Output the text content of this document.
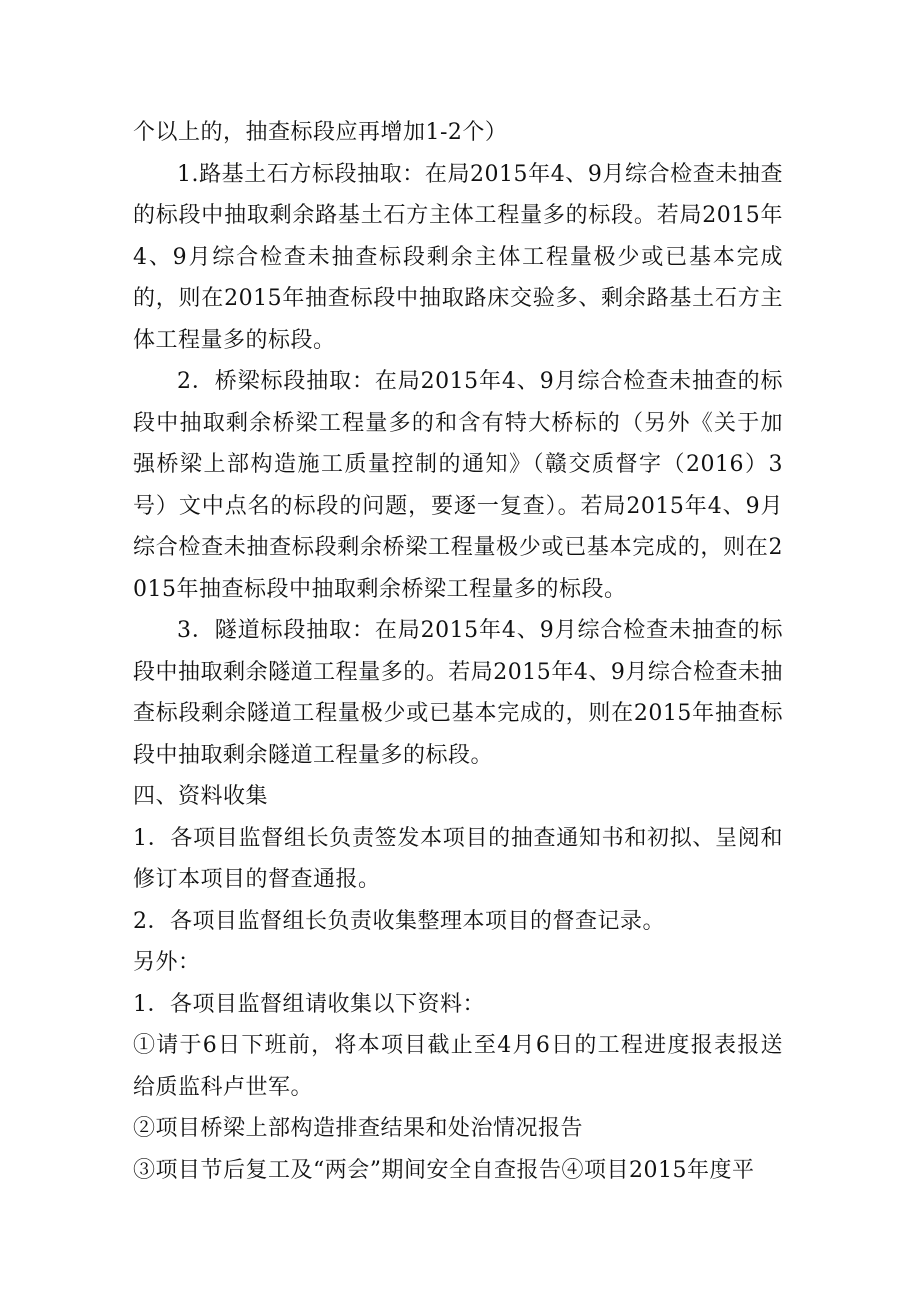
个以上的，抽查标段应再增加1-2个）

1.路基土石方标段抽取：在局2015年4、9月综合检查未抽查的标段中抽取剩余路基土石方主体工程量多的标段。若局2015年4、9月综合检查未抽查标段剩余主体工程量极少或已基本完成的，则在2015年抽查标段中抽取路床交验多、剩余路基土石方主体工程量多的标段。

2．桥梁标段抽取：在局2015年4、9月综合检查未抽查的标段中抽取剩余桥梁工程量多的和含有特大桥标的（另外《关于加强桥梁上部构造施工质量控制的通知》（赣交质督字（2016）3号）文中点名的标段的问题，要逐一复查）。若局2015年4、9月综合检查未抽查标段剩余桥梁工程量极少或已基本完成的，则在2015年抽查标段中抽取剩余桥梁工程量多的标段。

3．隧道标段抽取：在局2015年4、9月综合检查未抽查的标段中抽取剩余隧道工程量多的。若局2015年4、9月综合检查未抽查标段剩余隧道工程量极少或已基本完成的，则在2015年抽查标段中抽取剩余隧道工程量多的标段。

四、资料收集

1．各项目监督组长负责签发本项目的抽查通知书和初拟、呈阅和修订本项目的督查通报。

2．各项目监督组长负责收集整理本项目的督查记录。

另外：

1．各项目监督组请收集以下资料：

①请于6日下班前，将本项目截止至4月6日的工程进度报表报送给质监科卢世军。

②项目桥梁上部构造排查结果和处治情况报告

③项目节后复工及“两会”期间安全自查报告④项目2015年度平
